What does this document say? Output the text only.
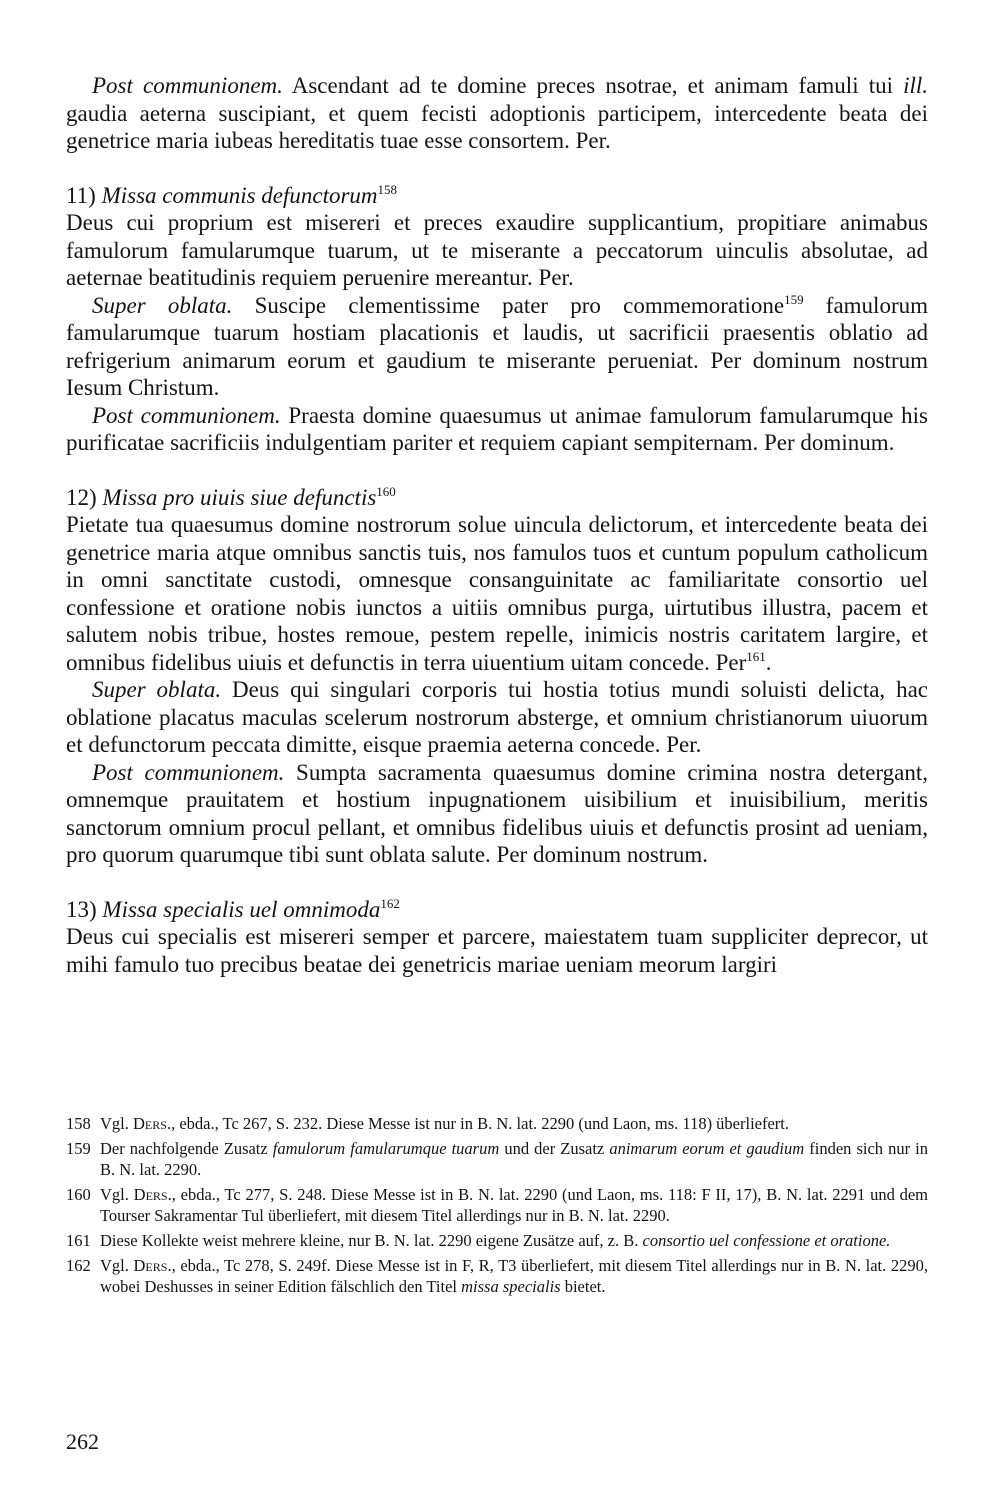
Post communionem. Ascendant ad te domine preces nsotrae, et animam famuli tui ill. gaudia aeterna suscipiant, et quem fecisti adoptionis participem, intercedente beata dei genetrice maria iubeas hereditatis tuae esse consortem. Per.

11) Missa communis defunctorum$^{158}$

Deus cui proprium est misereri et preces exaudire supplicantium, propitiare animabus famulorum famularumque tuarum, ut te miserante a peccatorum uinculis absolutae, ad aeternae beatitudinis requiem peruenire mereantur. Per.

Super oblata. Suscipe clementissime pater pro commemoratione$^{159}$ famulorum famularumque tuarum hostiam placationis et laudis, ut sacrificii praesentis oblatio ad refrigerium animarum eorum et gaudium te miserante perueniat. Per dominum nostrum Iesum Christum.

Post communionem. Praesta domine quaesumus ut animae famulorum famularumque his purificatae sacrificiis indulgentiam pariter et requiem capiant sempiternam. Per dominum.

12) Missa pro uiuis siue defunctis$^{160}$

Pietate tua quaesumus domine nostrorum solue uincula delictorum, et intercedente beata dei genetrice maria atque omnibus sanctis tuis, nos famulos tuos et cuntum populum catholicum in omni sanctitate custodi, omnesque consanguinitate ac familiaritate consortio uel confessione et oratione nobis iunctos a uitiis omnibus purga, uirtutibus illustra, pacem et salutem nobis tribue, hostes remoue, pestem repelle, inimicis nostris caritatem largire, et omnibus fidelibus uiuis et defunctis in terra uiuentium uitam concede. Per$^{161}$.

Super oblata. Deus qui singulari corporis tui hostia totius mundi soluisti delicta, hac oblatione placatus maculas scelerum nostrorum absterge, et omnium christianorum uiuorum et defunctorum peccata dimitte, eisque praemia aeterna concede. Per.

Post communionem. Sumpta sacramenta quaesumus domine crimina nostra detergant, omnemque prauitatem et hostium inpugnationem uisibilium et inuisibilium, meritis sanctorum omnium procul pellant, et omnibus fidelibus uiuis et defunctis prosint ad ueniam, pro quorum quarumque tibi sunt oblata salute. Per dominum nostrum.

13) Missa specialis uel omnimoda$^{162}$

Deus cui specialis est misereri semper et parcere, maiestatem tuam suppliciter deprecor, ut mihi famulo tuo precibus beatae dei genetricis mariae ueniam meorum largiri

158 Vgl. Ders., ebda., Tc 267, S. 232. Diese Messe ist nur in B. N. lat. 2290 (und Laon, ms. 118) überliefert.
159 Der nachfolgende Zusatz famulorum famularumque tuarum und der Zusatz animarum eorum et gaudium finden sich nur in B. N. lat. 2290.
160 Vgl. Ders., ebda., Tc 277, S. 248. Diese Messe ist in B. N. lat. 2290 (und Laon, ms. 118: F II, 17), B. N. lat. 2291 und dem Tourser Sakramentar Tul überliefert, mit diesem Titel allerdings nur in B. N. lat. 2290.
161 Diese Kollekte weist mehrere kleine, nur B. N. lat. 2290 eigene Zusätze auf, z. B. consortio uel confessione et oratione.
162 Vgl. Ders., ebda., Tc 278, S. 249f. Diese Messe ist in F, R, T3 überliefert, mit diesem Titel allerdings nur in B. N. lat. 2290, wobei Deshusses in seiner Edition fälschlich den Titel missa specialis bietet.
262
